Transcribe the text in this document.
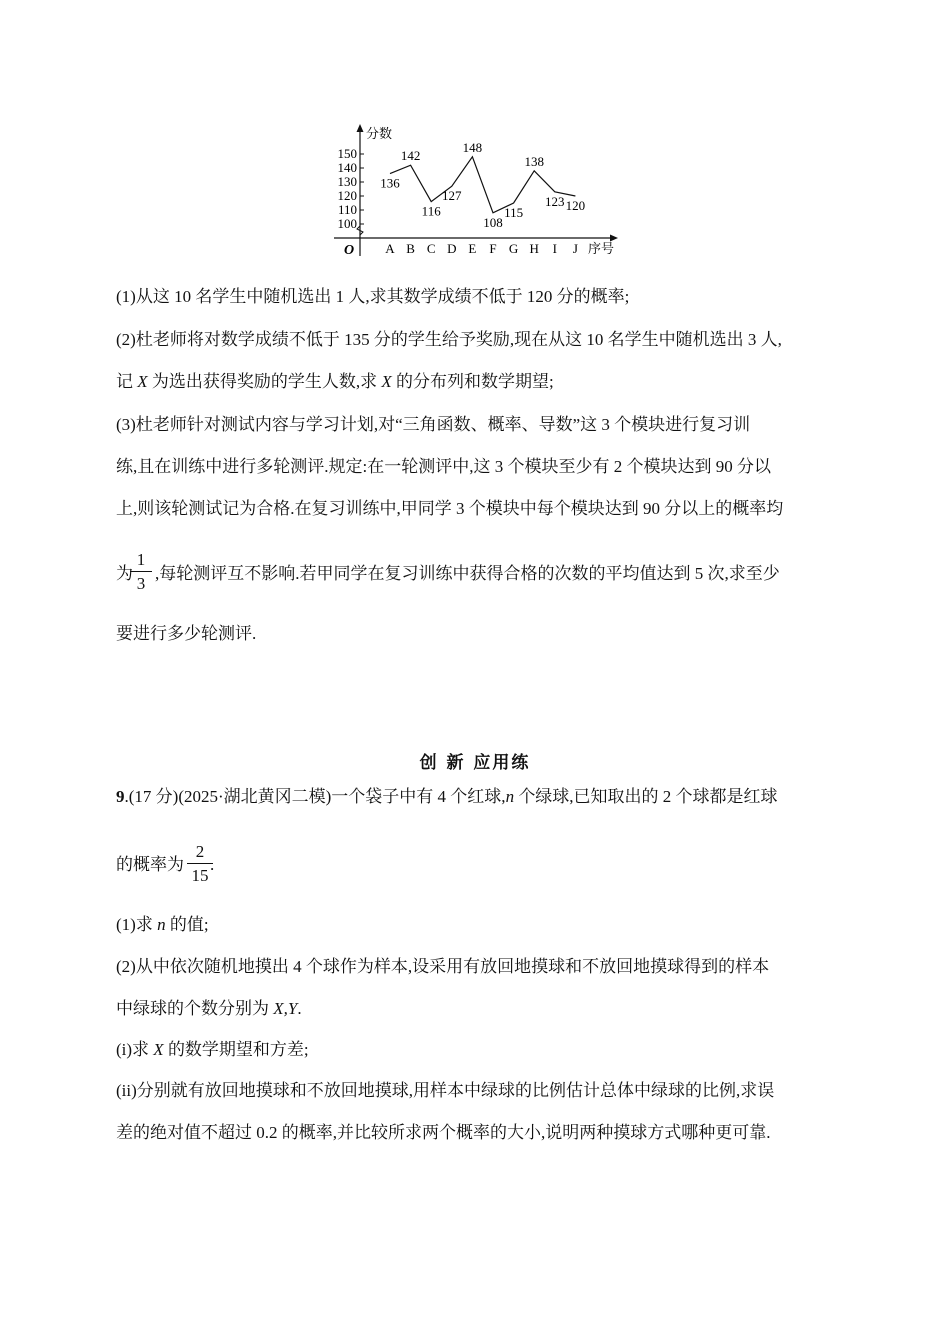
分数
序号
O
100
110
120
130
140
150
A B C D E F G H I J
136
142
116
127
148
108
115
138
123 120
(1)从这 10 名学生中随机选出 1 人,求其数学成绩不低于 120 分的概率;
(2)杜老师将对数学成绩不低于 135 分的学生给予奖励,现在从这 10 名学生中随机选出 3 人,
记 X 为选出获得奖励的学生人数,求 X 的分布列和数学期望;
(3)杜老师针对测试内容与学习计划,对“三角函数、概率、导数”这 3 个模块进行复习训
练,且在训练中进行多轮测评.规定:在一轮测评中,这 3 个模块至少有 2 个模块达到 90 分以
上,则该轮测试记为合格.在复习训练中,甲同学 3 个模块中每个模块达到 90 分以上的概率均
为 ,每轮测评互不影响.若甲同学在复习训练中获得合格的次数的平均值达到 5 次,求至少
1
3
要进行多少轮测评.
创 新 应用练
9.(17 分)(2025·湖北黄冈二模)一个袋子中有 4 个红球,n 个绿球,已知取出的 2 个球都是红球
的概率为 .
2
15
(1)求 n 的值;
(2)从中依次随机地摸出 4 个球作为样本,设采用有放回地摸球和不放回地摸球得到的样本
中绿球的个数分别为 X,Y.
(i)求 X 的数学期望和方差;
(ii)分别就有放回地摸球和不放回地摸球,用样本中绿球的比例估计总体中绿球的比例,求误
差的绝对值不超过 0.2 的概率,并比较所求两个概率的大小,说明两种摸球方式哪种更可靠.
